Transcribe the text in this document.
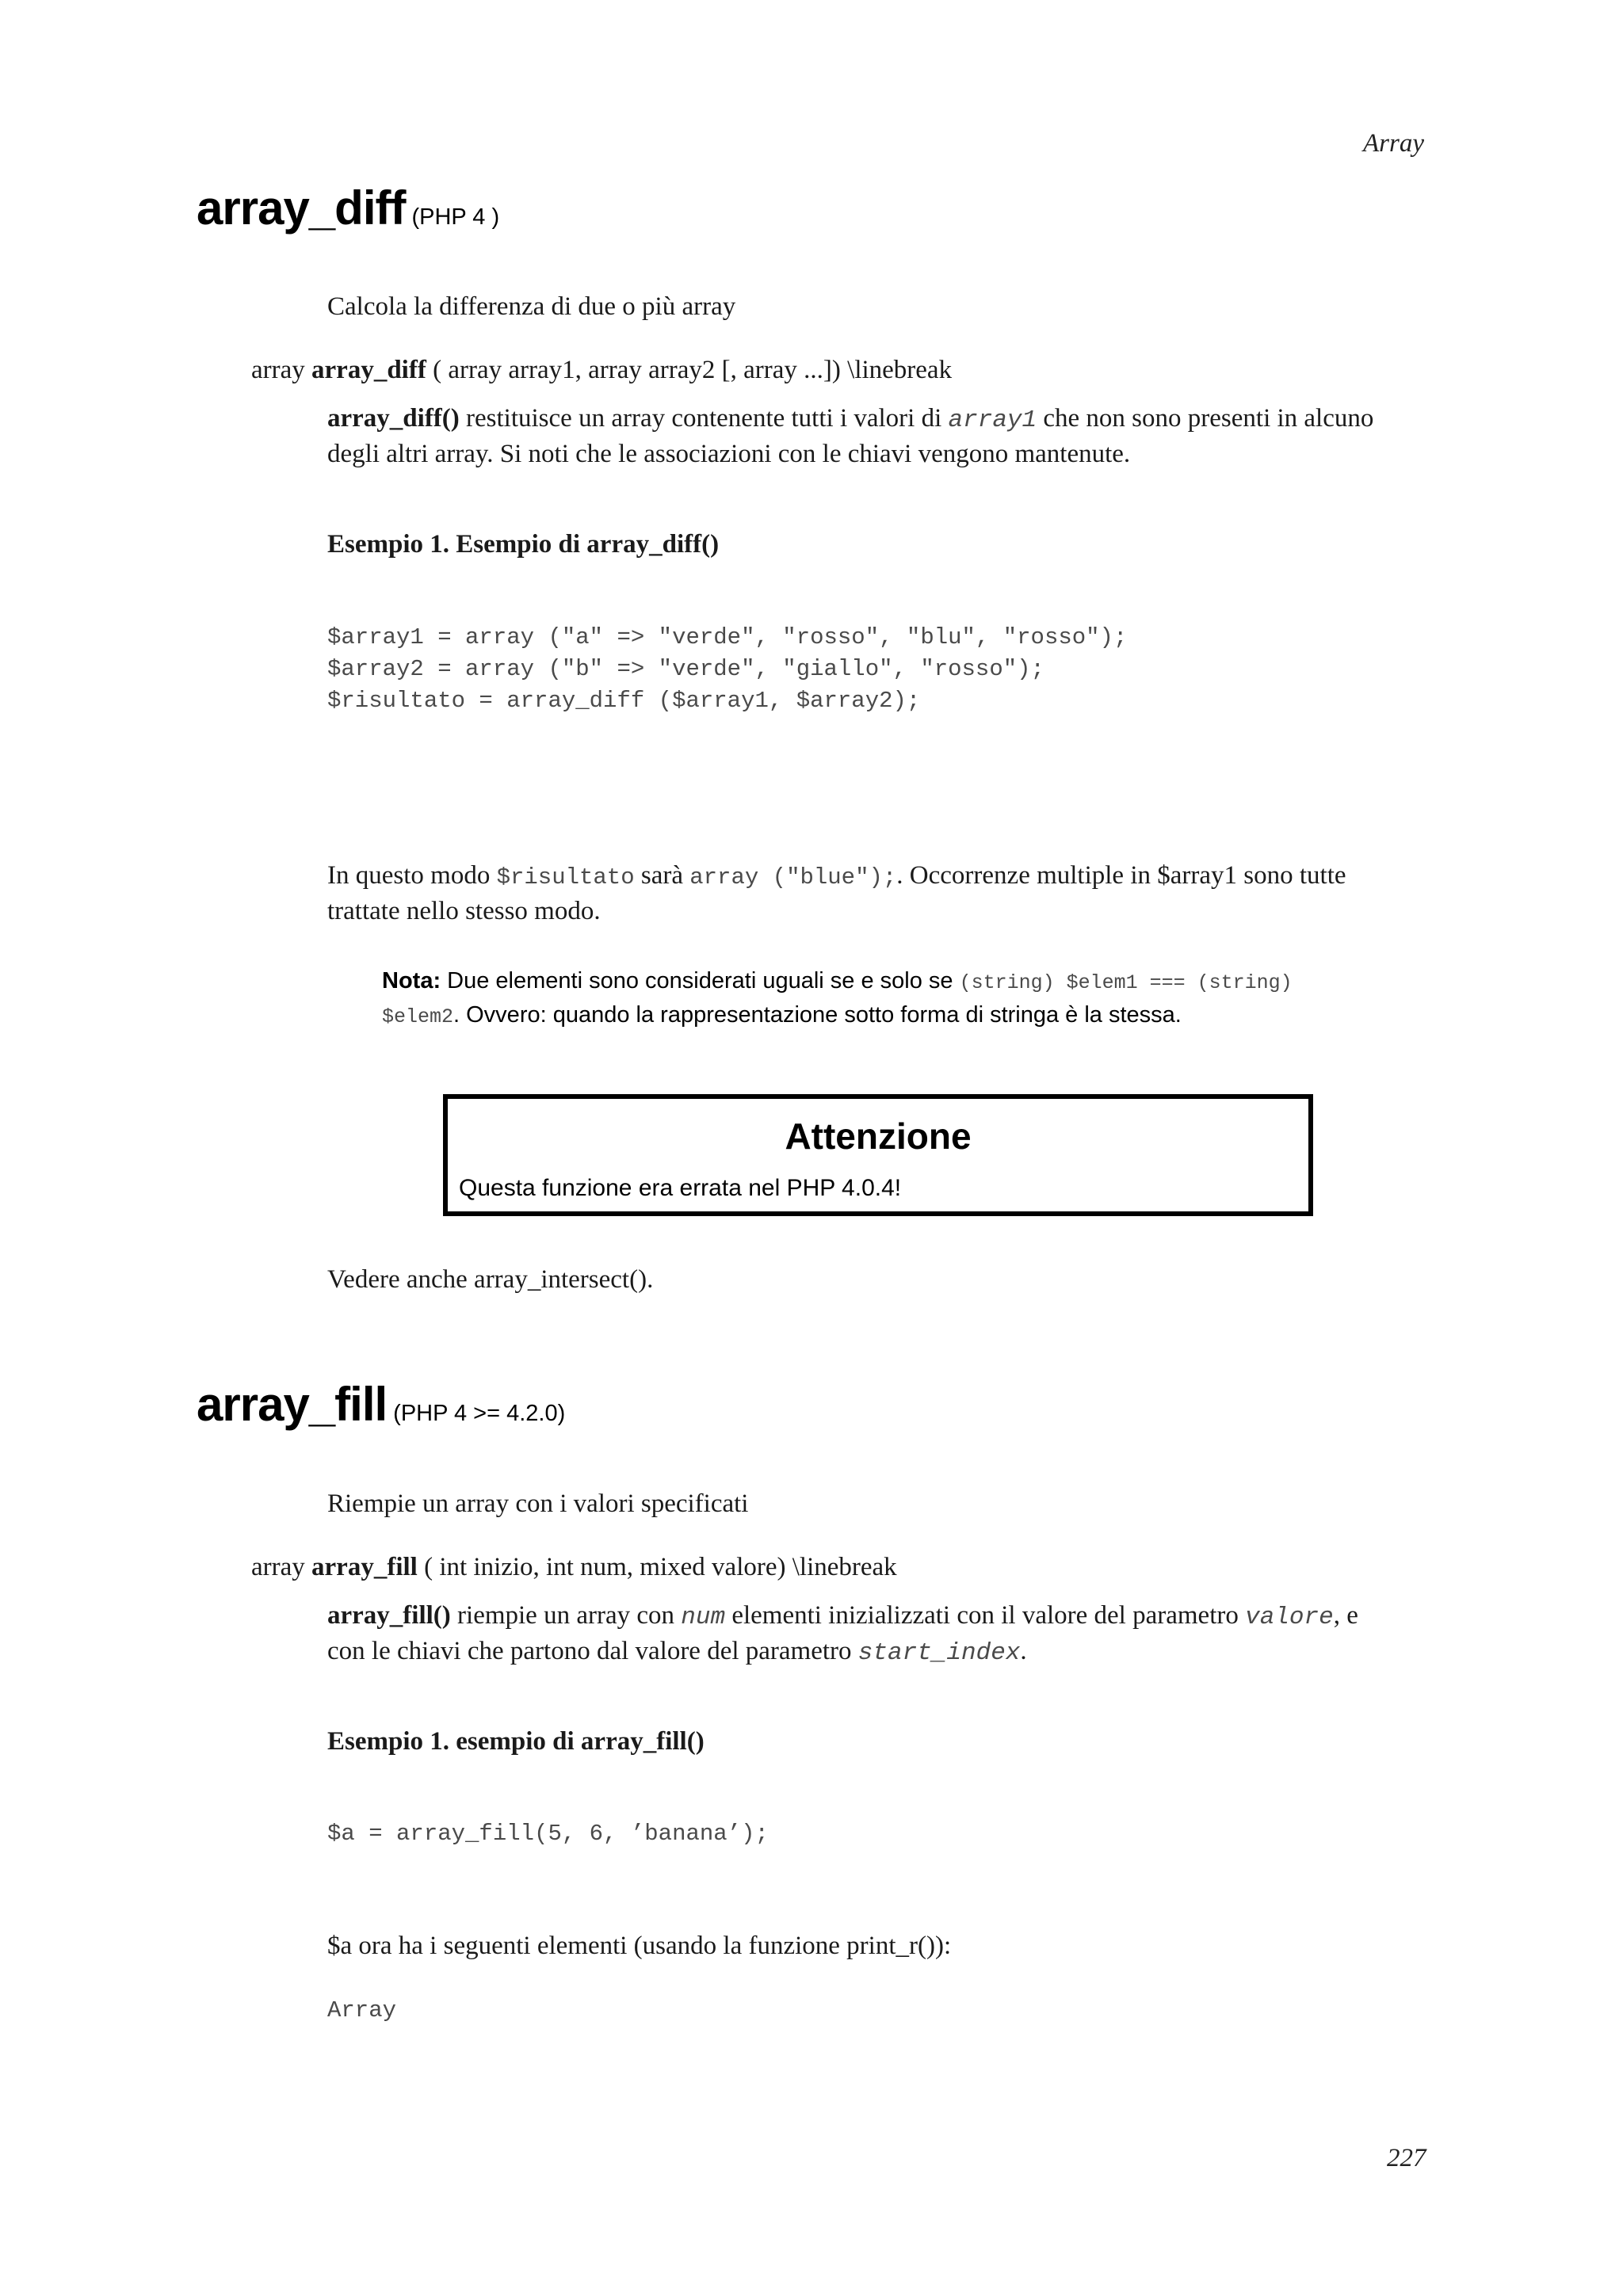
Array
227
array_diff (PHP 4 )
Calcola la differenza di due o più array
array array_diff ( array array1, array array2 [, array ...]) \linebreak
array_diff() restituisce un array contenente tutti i valori di array1 che non sono presenti in alcuno
degli altri array. Si noti che le associazioni con le chiavi vengono mantenute.
Esempio 1. Esempio di array_diff()
$array1 = array ("a" => "verde", "rosso", "blu", "rosso");
$array2 = array ("b" => "verde", "giallo", "rosso");
$risultato = array_diff ($array1, $array2);
In questo modo $risultato sarà array ("blue");. Occorrenze multiple in $array1 sono tutte
trattate nello stesso modo.
Nota: Due elementi sono considerati uguali se e solo se (string) $elem1 === (string)
$elem2. Ovvero: quando la rappresentazione sotto forma di stringa è la stessa.
Attenzione
Questa funzione era errata nel PHP 4.0.4!
Vedere anche array_intersect().
array_fill (PHP 4 >= 4.2.0)
Riempie un array con i valori specificati
array array_fill ( int inizio, int num, mixed valore) \linebreak
array_fill() riempie un array con num elementi inizializzati con il valore del parametro valore, e
con le chiavi che partono dal valore del parametro start_index.
Esempio 1. esempio di array_fill()
$a = array_fill(5, 6, ’banana’);
$a ora ha i seguenti elementi (usando la funzione print_r()):
Array
